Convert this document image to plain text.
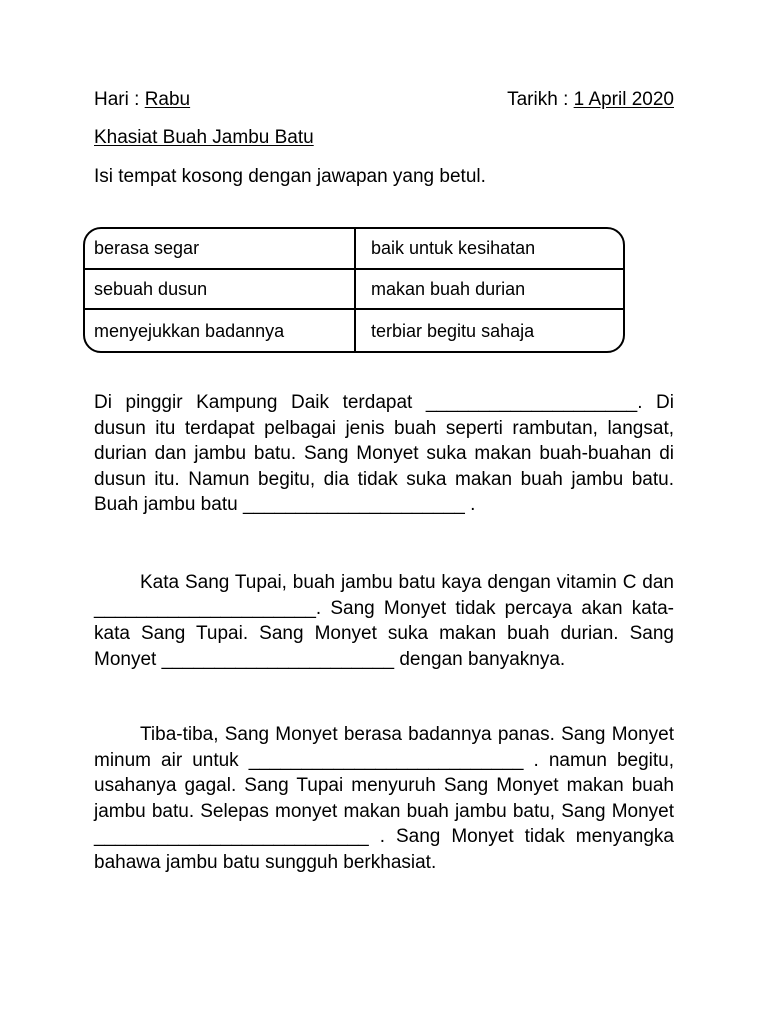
Hari : Rabu	Tarikh : 1 April 2020
Khasiat Buah Jambu Batu
Isi tempat kosong dengan jawapan yang betul.
berasa segar	baik untuk kesihatan
sebuah dusun	makan buah durian
menyejukkan badannya	terbiar begitu sahaja
Di pinggir Kampung Daik terdapat ____________________. Di dusun itu terdapat pelbagai jenis buah seperti rambutan, langsat, durian dan jambu batu. Sang Monyet suka makan buah-buahan di dusun itu. Namun begitu, dia tidak suka makan buah jambu batu. Buah jambu batu _____________________ .
Kata Sang Tupai, buah jambu batu kaya dengan vitamin C dan _____________________. Sang Monyet tidak percaya akan kata-kata Sang Tupai. Sang Monyet suka makan buah durian. Sang Monyet ______________________ dengan banyaknya.
Tiba-tiba, Sang Monyet berasa badannya panas. Sang Monyet minum air untuk __________________________ . namun begitu, usahanya gagal. Sang Tupai menyuruh Sang Monyet makan buah jambu batu. Selepas monyet makan buah jambu batu, Sang Monyet __________________________ . Sang Monyet tidak menyangka bahawa jambu batu sungguh berkhasiat.
